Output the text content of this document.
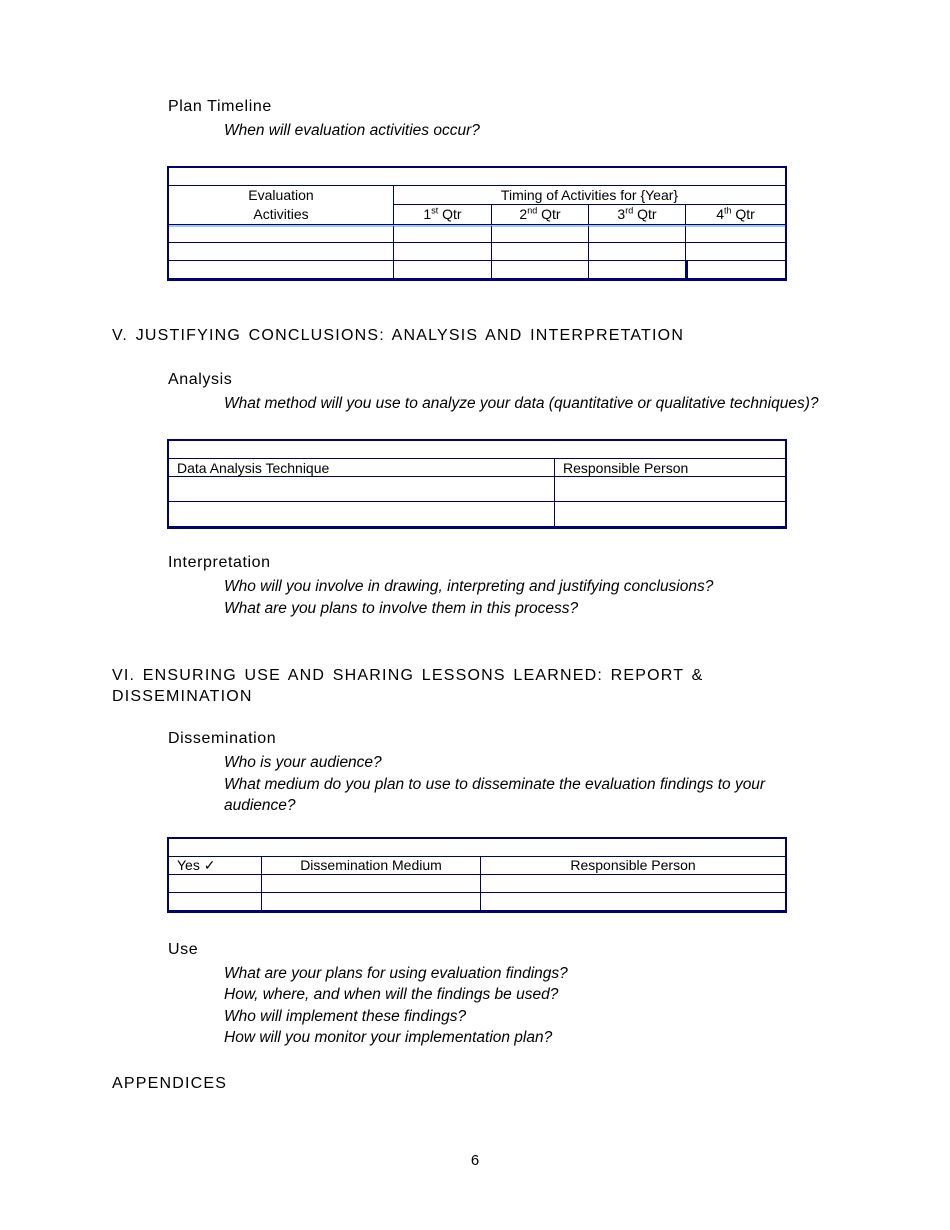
Plan Timeline

When will evaluation activities occur?

Table 6. Illustrative Timeline for Evaluation Activities				

Evaluation
Activities	Timing of Activities for {Year}			
	1st Qtr	2nd Qtr	3rd Qtr	4th Qtr

V. JUSTIFYING CONCLUSIONS: ANALYSIS AND INTERPRETATION
Analysis

What method will you use to analyze your data (quantitative or qualitative techniques)?

Table 7. Analysis Plan	
Data Analysis Technique	Responsible Person

Interpretation

Who will you involve in drawing, interpreting and justifying conclusions?

What are you plans to involve them in this process?

VI. ENSURING USE AND SHARING LESSONS LEARNED: REPORT & DISSEMINATION
Dissemination

Who is your audience?

What medium do you plan to use to disseminate the evaluation findings to your audience?

Table 8. Dissemination Plan		
Yes ✓	Dissemination Medium	Responsible Person

Use

What are your plans for using evaluation findings?

How, where, and when will the findings be used?

Who will implement these findings?

How will you monitor your implementation plan?

APPENDICES
6
